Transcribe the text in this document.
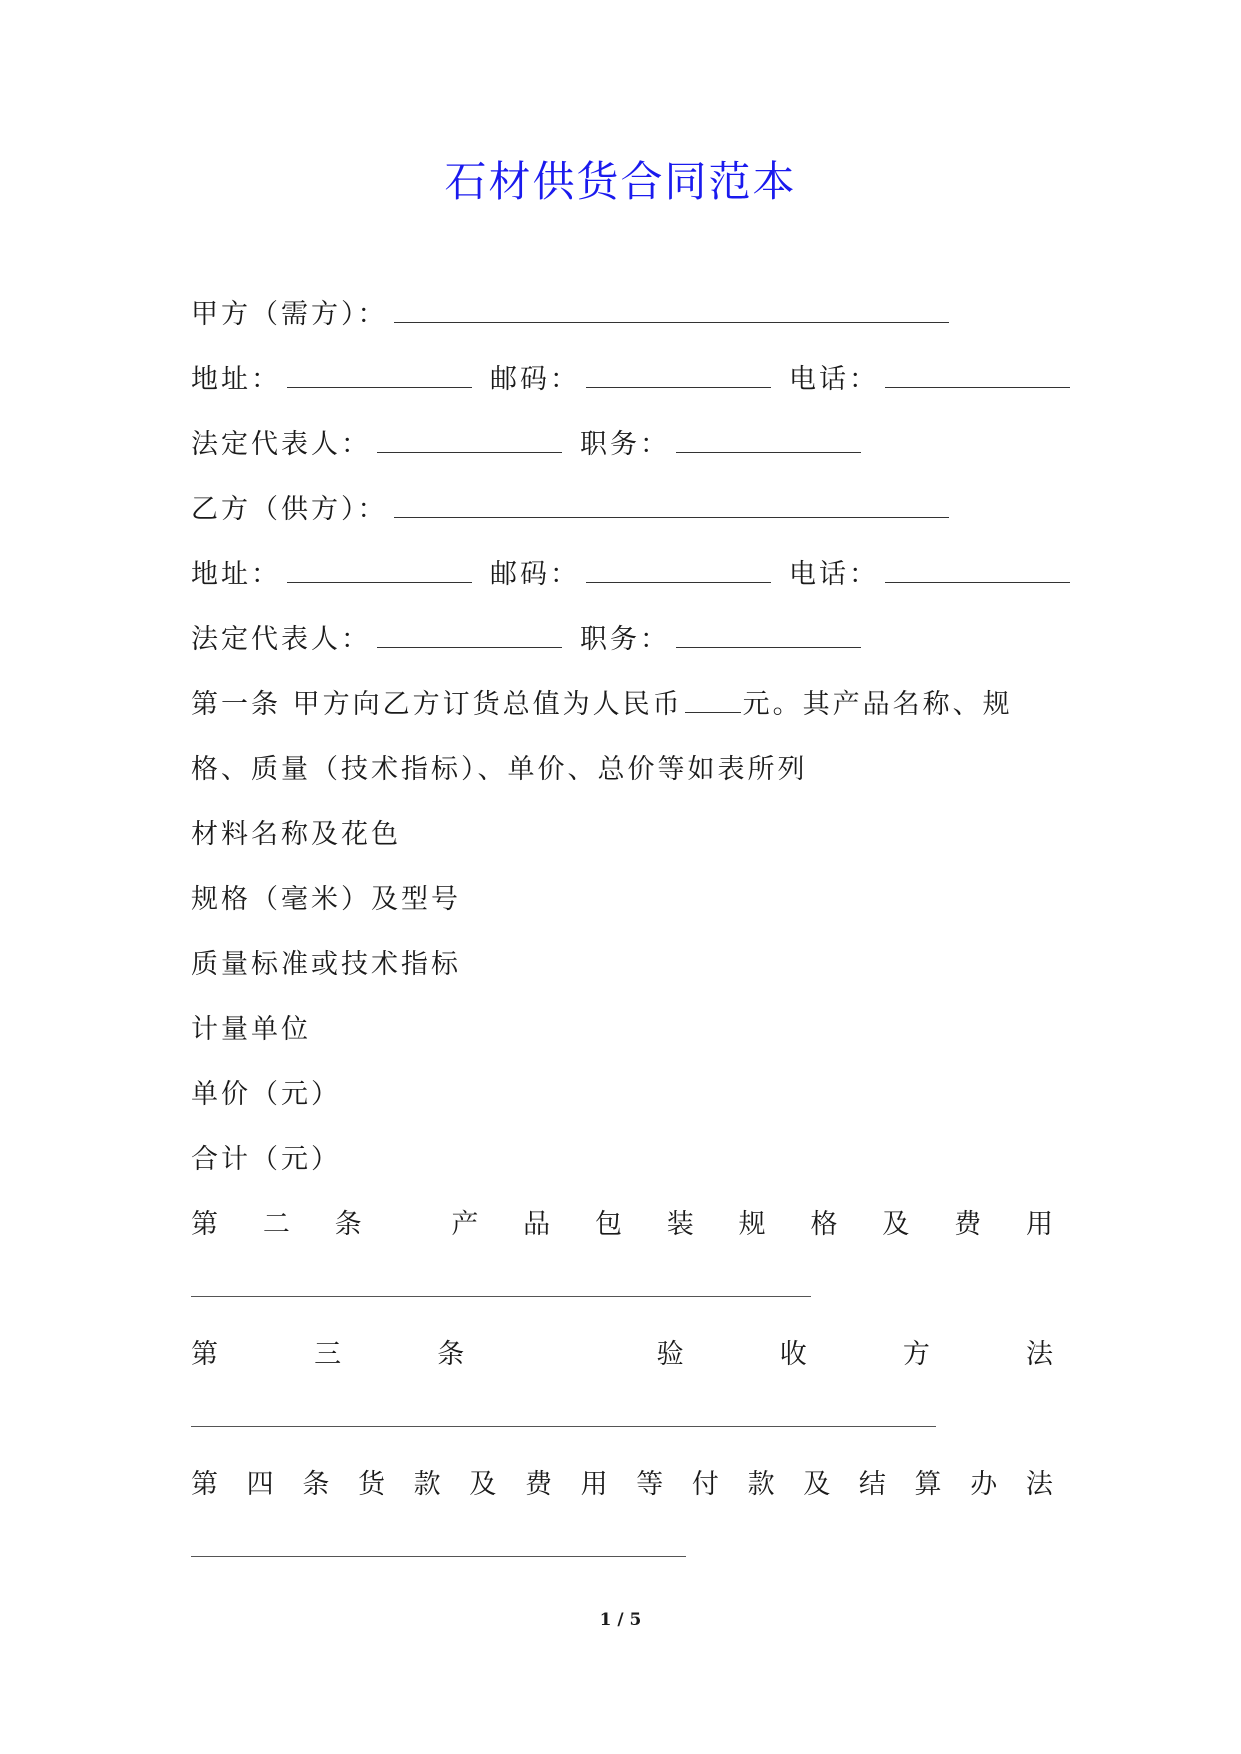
石材供货合同范本
甲方（需方）：
地址：	邮码：	电话：
法定代表人：	职务：
乙方（供方）：
地址：	邮码：	电话：
法定代表人：	职务：
第一条 甲方向乙方订货总值为人民币 元。其产品名称、规
格、质量（技术指标）、单价、总价等如表所列
材料名称及花色
规格（毫米）及型号
质量标准或技术指标
计量单位
单价（元）
合计（元）
第 二 条	产 品 包 装 规 格 及 费 用
第	三	条	验	收	方	法
第 四 条 货 款 及 费 用 等 付 款 及 结 算 办 法
1 / 5
